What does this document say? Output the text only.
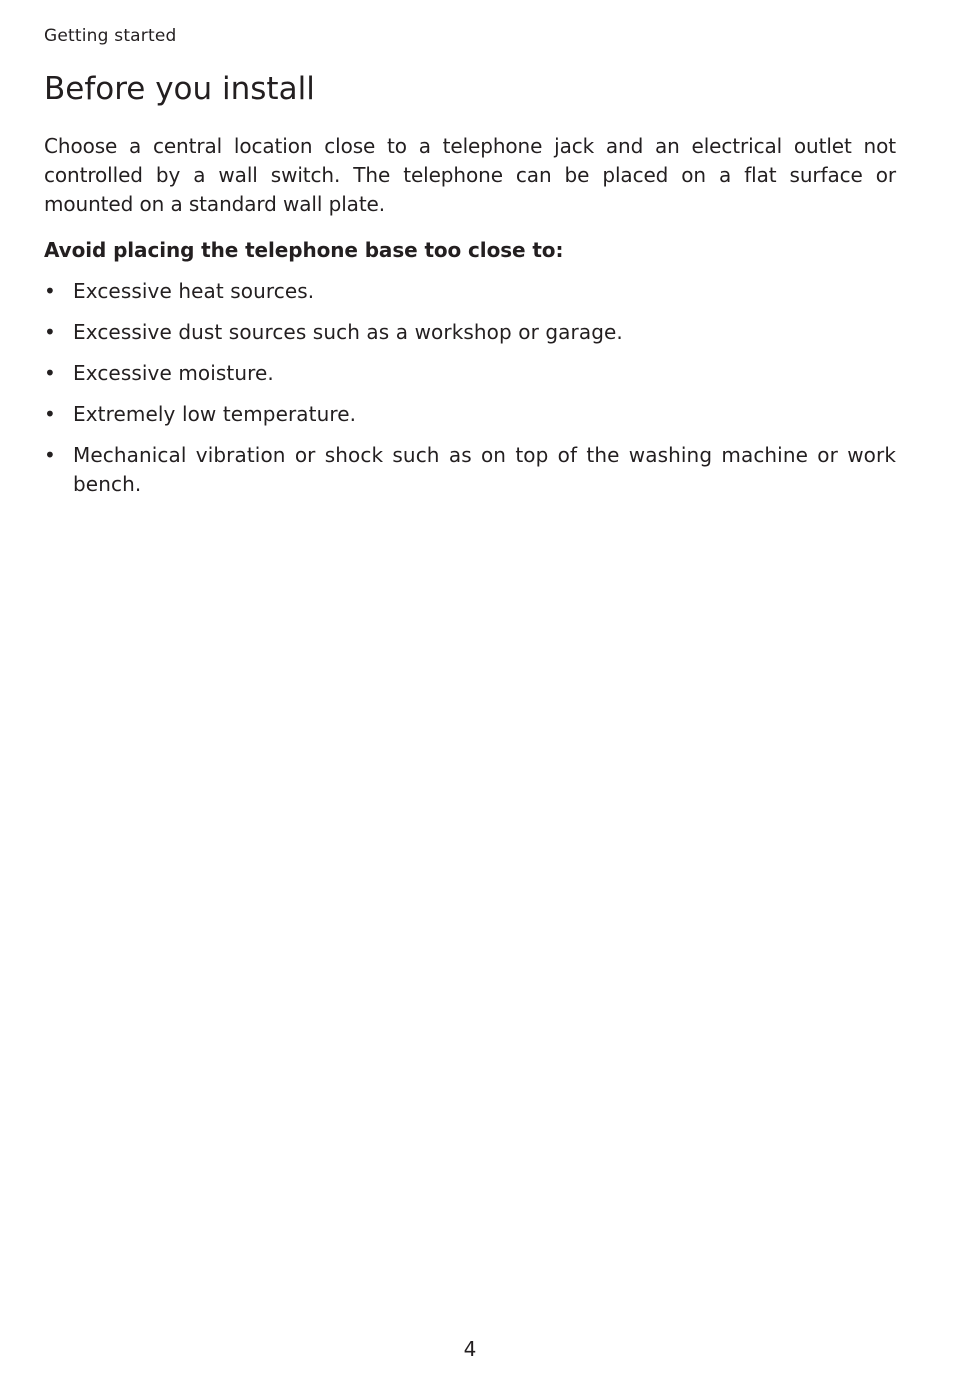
Getting started
Before you install

Choose a central location close to a telephone jack and an electrical outlet not controlled by a wall switch. The telephone can be placed on a flat surface or mounted on a standard wall plate.

Avoid placing the telephone base too close to:

• Excessive heat sources.
• Excessive dust sources such as a workshop or garage.
• Excessive moisture.
• Extremely low temperature.
• Mechanical vibration or shock such as on top of the washing machine or work bench.
4
